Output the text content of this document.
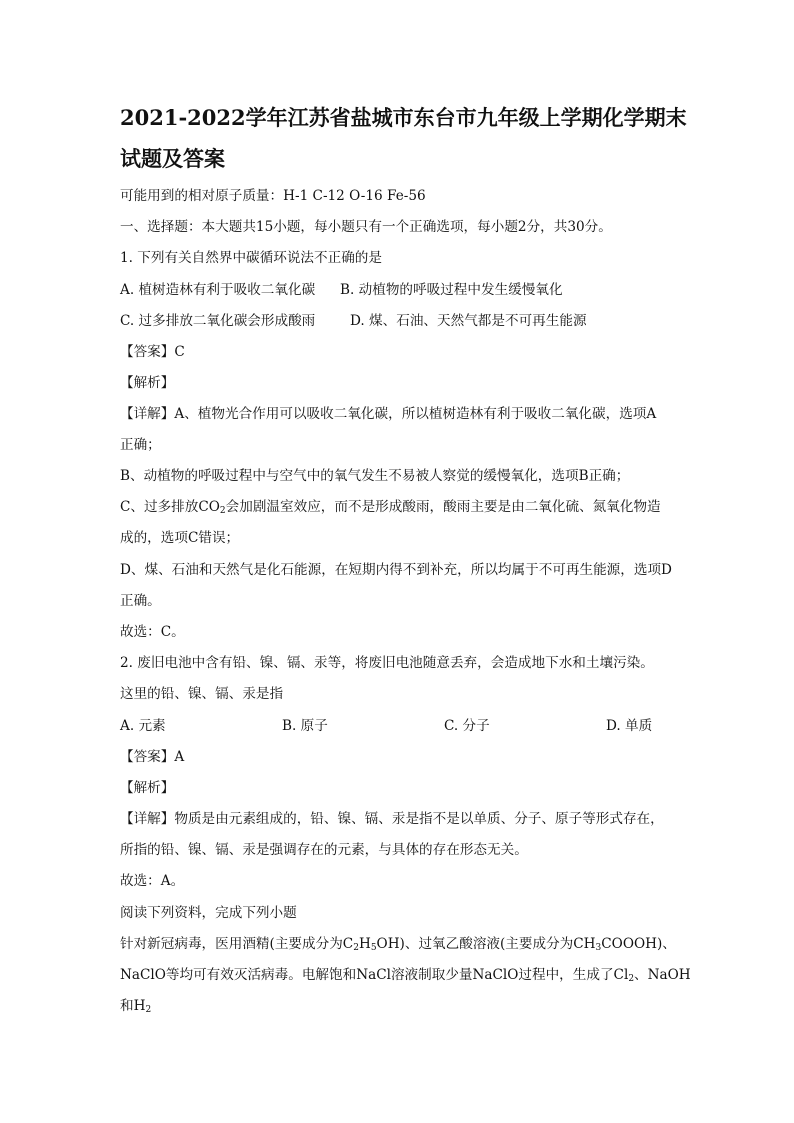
2021-2022学年江苏省盐城市东台市九年级上学期化学期末
试题及答案
可能用到的相对原子质量：H-1 C-12 O-16 Fe-56
一、选择题：本大题共15小题，每小题只有一个正确选项，每小题2分，共30分。
1. 下列有关自然界中碳循环说法不正确的是
A. 植树造林有利于吸收二氧化碳 B. 动植物的呼吸过程中发生缓慢氧化
C. 过多排放二氧化碳会形成酸雨	D. 煤、石油、天然气都是不可再生能源
【答案】C
【解析】
【详解】A、植物光合作用可以吸收二氧化碳，所以植树造林有利于吸收二氧化碳，选项A
正确；
B、动植物的呼吸过程中与空气中的氧气发生不易被人察觉的缓慢氧化，选项B正确；
C、过多排放$CO_2$会加剧温室效应，而不是形成酸雨，酸雨主要是由二氧化硫、氮氧化物造
成的，选项C错误；
D、煤、石油和天然气是化石能源，在短期内得不到补充，所以均属于不可再生能源，选项D
正确。
故选：C。
2. 废旧电池中含有铅、镍、镉、汞等，将废旧电池随意丢弃，会造成地下水和土壤污染。
这里的铅、镍、镉、汞是指
A. 元素	B. 原子	C. 分子	D. 单质
【答案】A
【解析】
【详解】物质是由元素组成的，铅、镍、镉、汞是指不是以单质、分子、原子等形式存在，
所指的铅、镍、镉、汞是强调存在的元素，与具体的存在形态无关。
故选：A。
阅读下列资料，完成下列小题
针对新冠病毒，医用酒精(主要成分为$C_2H_5OH$)、过氧乙酸溶液(主要成分为$CH_3COOOH$)、
NaClO等均可有效灭活病毒。电解饱和NaCl溶液制取少量NaClO过程中，生成了$Cl_2$、NaOH
和$H_2$
